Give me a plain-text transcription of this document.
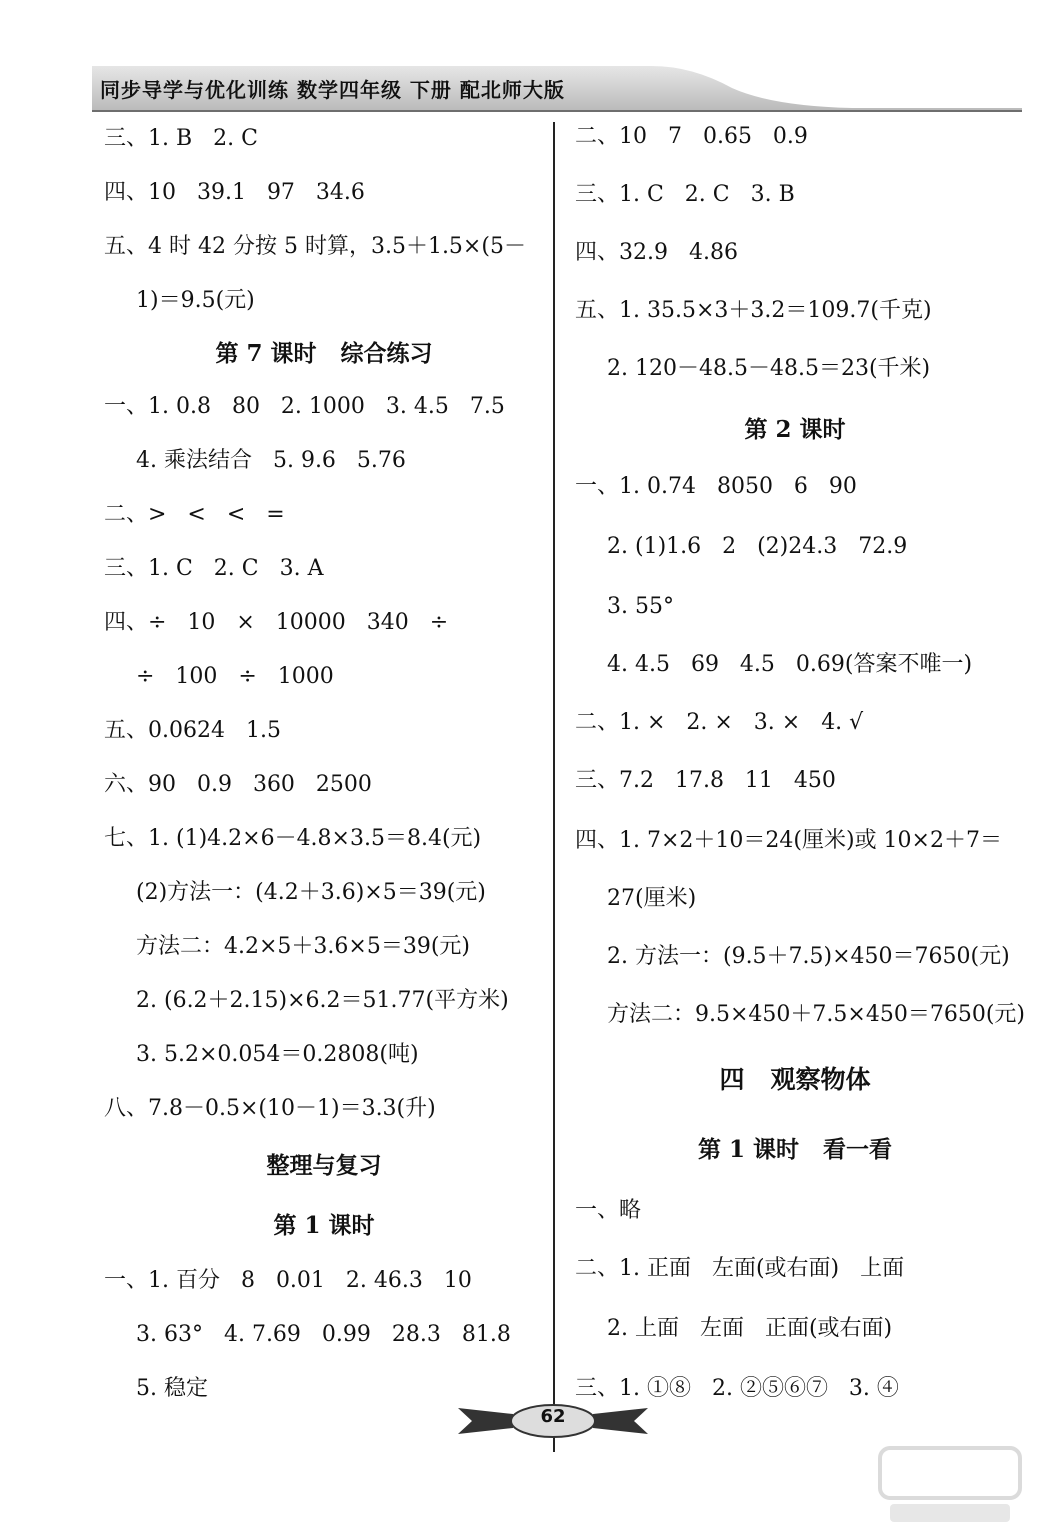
同步导学与优化训练 数学四年级 下册 配北师大版
三、1. B   2. C
四、10   39.1   97   34.6
五、4 时 42 分按 5 时算，3.5＋1.5×(5－
1)＝9.5(元)
第 7 课时   综合练习
一、1. 0.8   80   2. 1000   3. 4.5   7.5
4. 乘法结合   5. 9.6   5.76
二、>   <   <   =
三、1. C   2. C   3. A
四、÷   10   ×   10000   340   ÷
÷   100   ÷   1000
五、0.0624   1.5
六、90   0.9   360   2500
七、1. (1)4.2×6－4.8×3.5＝8.4(元)
(2)方法一：(4.2＋3.6)×5＝39(元)
方法二：4.2×5＋3.6×5＝39(元)
2. (6.2＋2.15)×6.2＝51.77(平方米)
3. 5.2×0.054＝0.2808(吨)
八、7.8－0.5×(10－1)＝3.3(升)
整理与复习
第 1 课时
一、1. 百分   8   0.01   2. 46.3   10
3. 63°   4. 7.69   0.99   28.3   81.8
5. 稳定
二、10   7   0.65   0.9
三、1. C   2. C   3. B
四、32.9   4.86
五、1. 35.5×3＋3.2＝109.7(千克)
2. 120－48.5－48.5＝23(千米)
第 2 课时
一、1. 0.74   8050   6   90
2. (1)1.6   2   (2)24.3   72.9
3. 55°
4. 4.5   69   4.5   0.69(答案不唯一)
二、1. ×   2. ×   3. ×   4. √
三、7.2   17.8   11   450
四、1. 7×2＋10＝24(厘米)或 10×2＋7＝
27(厘米)
2. 方法一：(9.5＋7.5)×450＝7650(元)
方法二：9.5×450＋7.5×450＝7650(元)
四   观察物体
第 1 课时   看一看
一、略
二、1. 正面   左面(或右面)   上面
2. 上面   左面   正面(或右面)
三、1. ①⑧   2. ②⑤⑥⑦   3. ④
62
